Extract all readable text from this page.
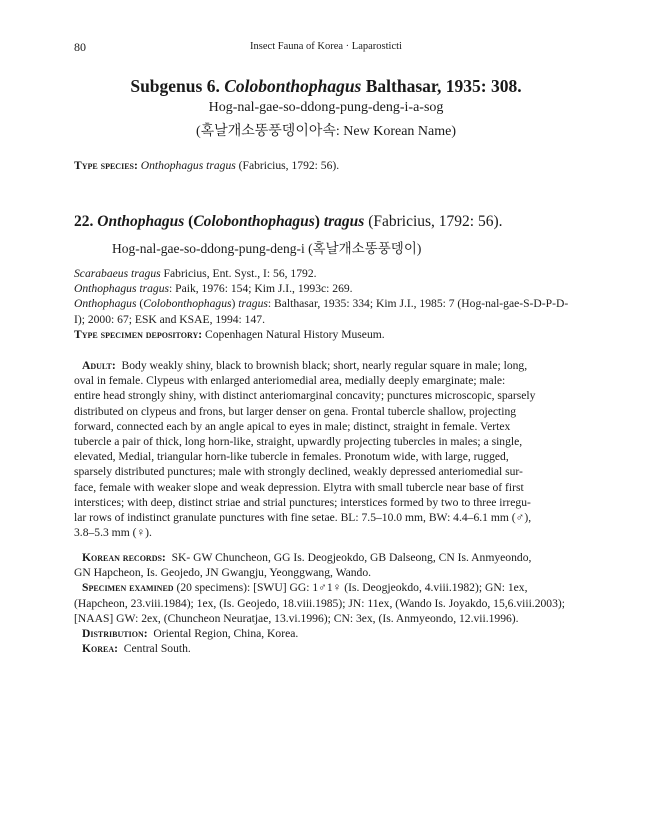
80	Insect Fauna of Korea · Laparosticti
Subgenus 6. Colobonthophagus Balthasar, 1935: 308.
Hog-nal-gae-so-ddong-pung-deng-i-a-sog
(혹날개소똥풍뎅이아속: New Korean Name)
Type species: Onthophagus tragus (Fabricius, 1792: 56).
22. Onthophagus (Colobonthophagus) tragus (Fabricius, 1792: 56).
Hog-nal-gae-so-ddong-pung-deng-i (혹날개소똥풍뎅이)

Scarabaeus tragus Fabricius, Ent. Syst., I: 56, 1792.

Onthophagus tragus: Paik, 1976: 154; Kim J.I., 1993c: 269.

Onthophagus (Colobonthophagus) tragus: Balthasar, 1935: 334; Kim J.I., 1985: 7 (Hog-nal-gae-S-D-P-D-
I); 2000: 67; ESK and KSAE, 1994: 147.

Type specimen depository: Copenhagen Natural History Museum.

Adult: Body weakly shiny, black to brownish black; short, nearly regular square in male; long,
oval in female. Clypeus with enlarged anteriomedial area, medially deeply emarginate; male:
entire head strongly shiny, with distinct anteriomarginal concavity; punctures microscopic, sparsely
distributed on clypeus and frons, but larger denser on gena. Frontal tubercle shallow, projecting
forward, connected each by an angle apical to eyes in male; distinct, straight in female. Vertex
tubercle a pair of thick, long horn-like, straight, upwardly projecting tubercles in males; a single,
elevated, Medial, triangular horn-like tubercle in females. Pronotum wide, with large, rugged,
sparsely distributed punctures; male with strongly declined, weakly depressed anteriomedial sur-
face, female with weaker slope and weak depression. Elytra with small tubercle near base of first
interstices; with deep, distinct striae and strial punctures; interstices formed by two to three irregu-
lar rows of indistinct granulate punctures with fine setae. BL: 7.5–10.0 mm, BW: 4.4–6.1 mm (♂),
3.8–5.3 mm (♀).
Korean records: SK- GW Chuncheon, GG Is. Deogjeokdo, GB Dalseong, CN Is. Anmyeondo,
GN Hapcheon, Is. Geojedo, JN Gwangju, Yeonggwang, Wando.
Specimen examined (20 specimens): [SWU] GG: 1♂1♀ (Is. Deogjeokdo, 4.viii.1982); GN: 1ex,
(Hapcheon, 23.viii.1984); 1ex, (Is. Geojedo, 18.viii.1985); JN: 11ex, (Wando Is. Joyakdo, 15,6.viii.2003);
[NAAS] GW: 2ex, (Chuncheon Neuratjae, 13.vi.1996); CN: 3ex, (Is. Anmyeondo, 12.vii.1996).
Distribution: Oriental Region, China, Korea.
Korea: Central South.
